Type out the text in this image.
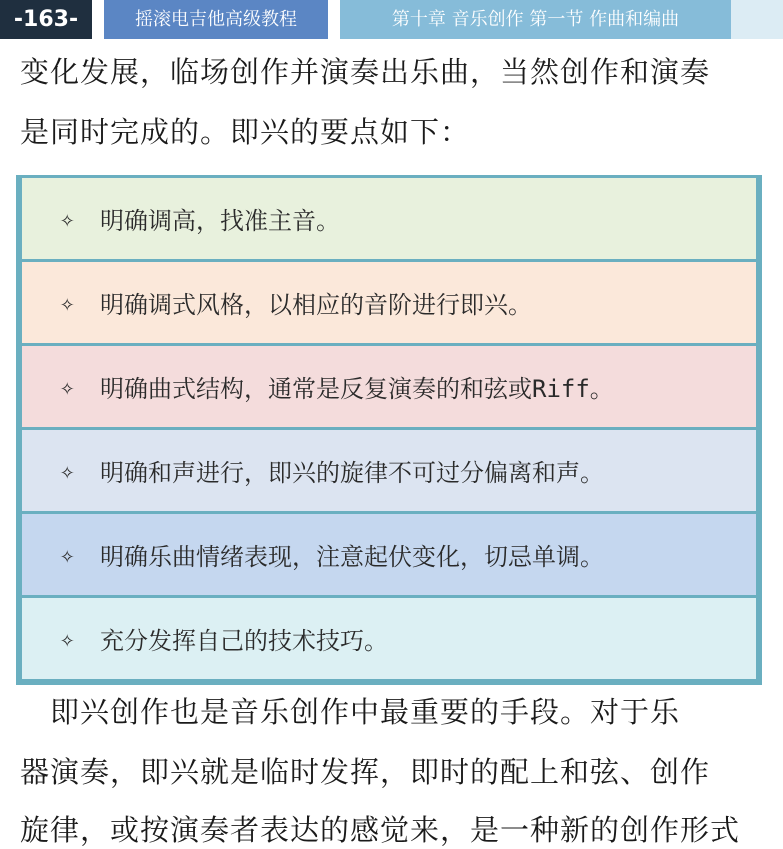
-163-	摇滚电吉他高级教程	第十章 音乐创作 第一节 作曲和编曲
变化发展，临场创作并演奏出乐曲，当然创作和演奏
是同时完成的。即兴的要点如下：
✧	明确调高，找准主音。
✧	明确调式风格，以相应的音阶进行即兴。
✧	明确曲式结构，通常是反复演奏的和弦或Riff。
✧	明确和声进行，即兴的旋律不可过分偏离和声。
✧	明确乐曲情绪表现，注意起伏变化，切忌单调。
✧	充分发挥自己的技术技巧。
　即兴创作也是音乐创作中最重要的手段。对于乐
器演奏，即兴就是临时发挥，即时的配上和弦、创作
旋律，或按演奏者表达的感觉来，是一种新的创作形式
